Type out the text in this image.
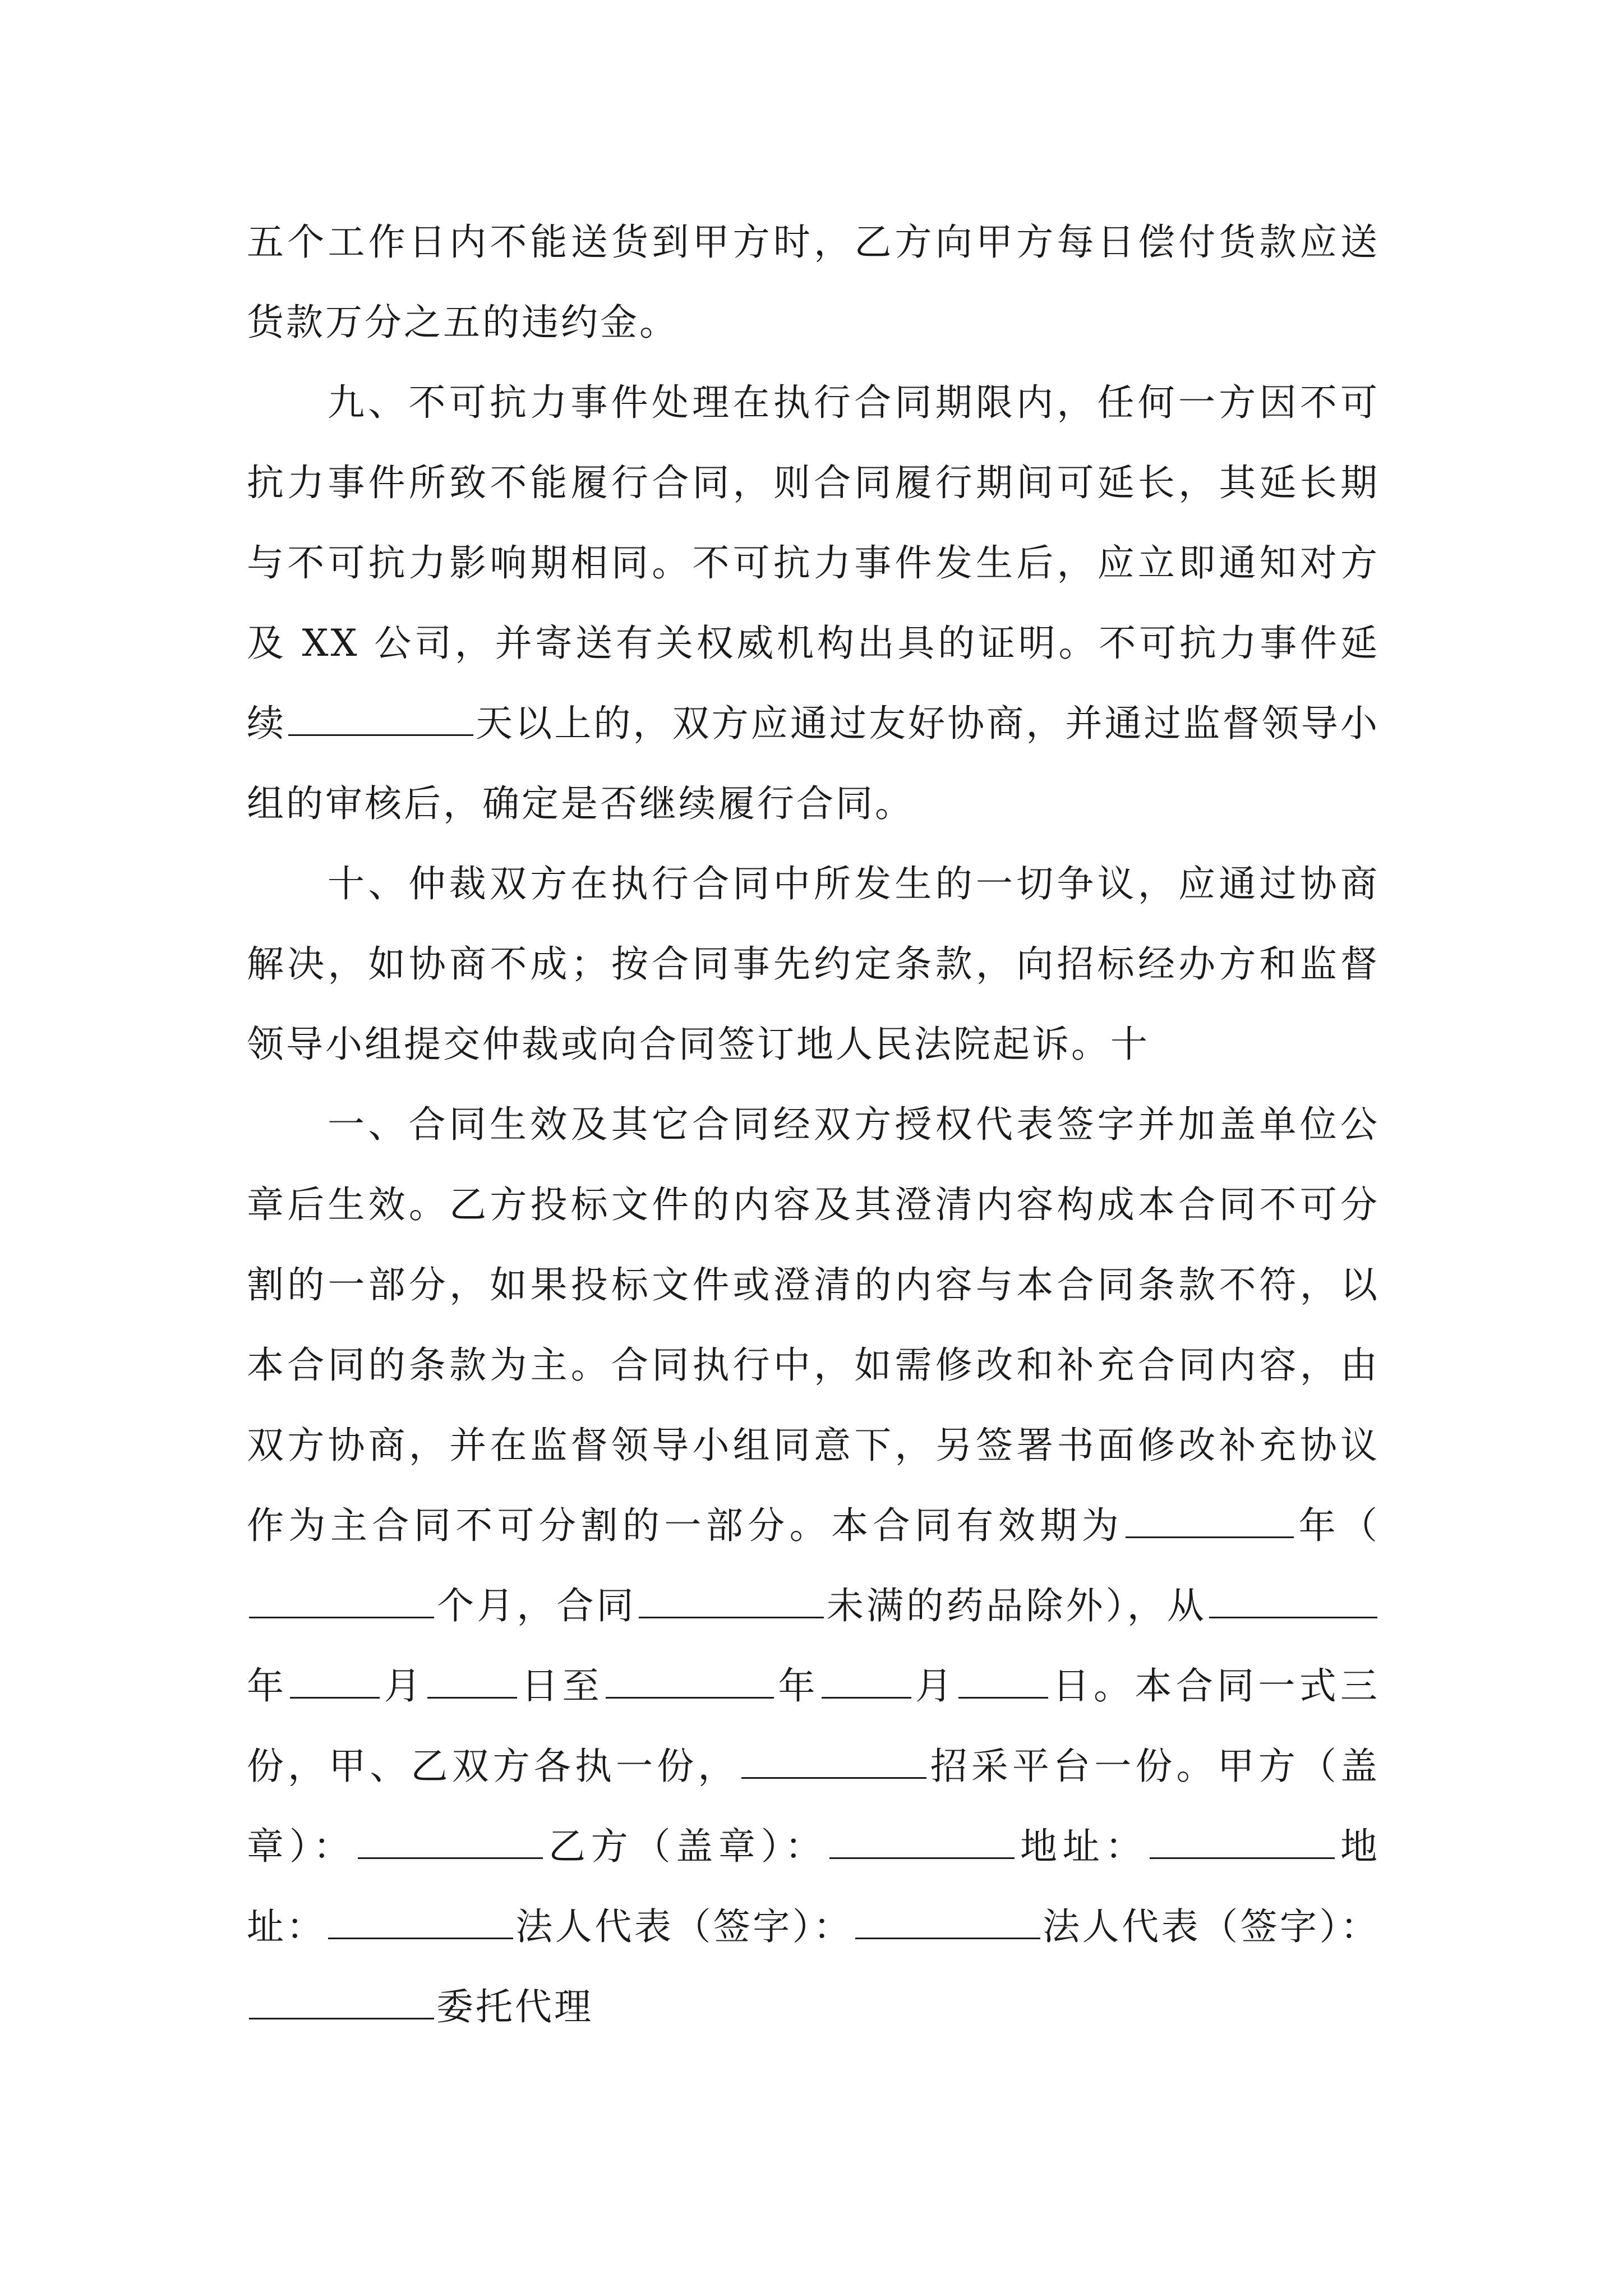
五个工作日内不能送货到甲方时，乙方向甲方每日偿付货款应送货款万分之五的违约金。

九、不可抗力事件处理在执行合同期限内，任何一方因不可抗力事件所致不能履行合同，则合同履行期间可延长，其延长期与不可抗力影响期相同。不可抗力事件发生后，应立即通知对方及 XX 公司，并寄送有关权威机构出具的证明。不可抗力事件延续	天以上的，双方应通过友好协商，并通过监督领导小组的审核后，确定是否继续履行合同。

十、仲裁双方在执行合同中所发生的一切争议，应通过协商解决，如协商不成；按合同事先约定条款，向招标经办方和监督领导小组提交仲裁或向合同签订地人民法院起诉。十

一、合同生效及其它合同经双方授权代表签字并加盖单位公章后生效。乙方投标文件的内容及其澄清内容构成本合同不可分割的一部分，如果投标文件或澄清的内容与本合同条款不符，以本合同的条款为主。合同执行中，如需修改和补充合同内容，由双方协商，并在监督领导小组同意下，另签署书面修改补充协议作为主合同不可分割的一部分。本合同有效期为	年（个月，合同	未满的药品除外），从年	月	日至	年	月	日。本合同一式三份，甲、乙双方各执一份，	招采平台一份。甲方（盖章）：	乙方（盖章）：	地址：	地址：	法人代表（签字）：	法人代表（签字）：委托代理
